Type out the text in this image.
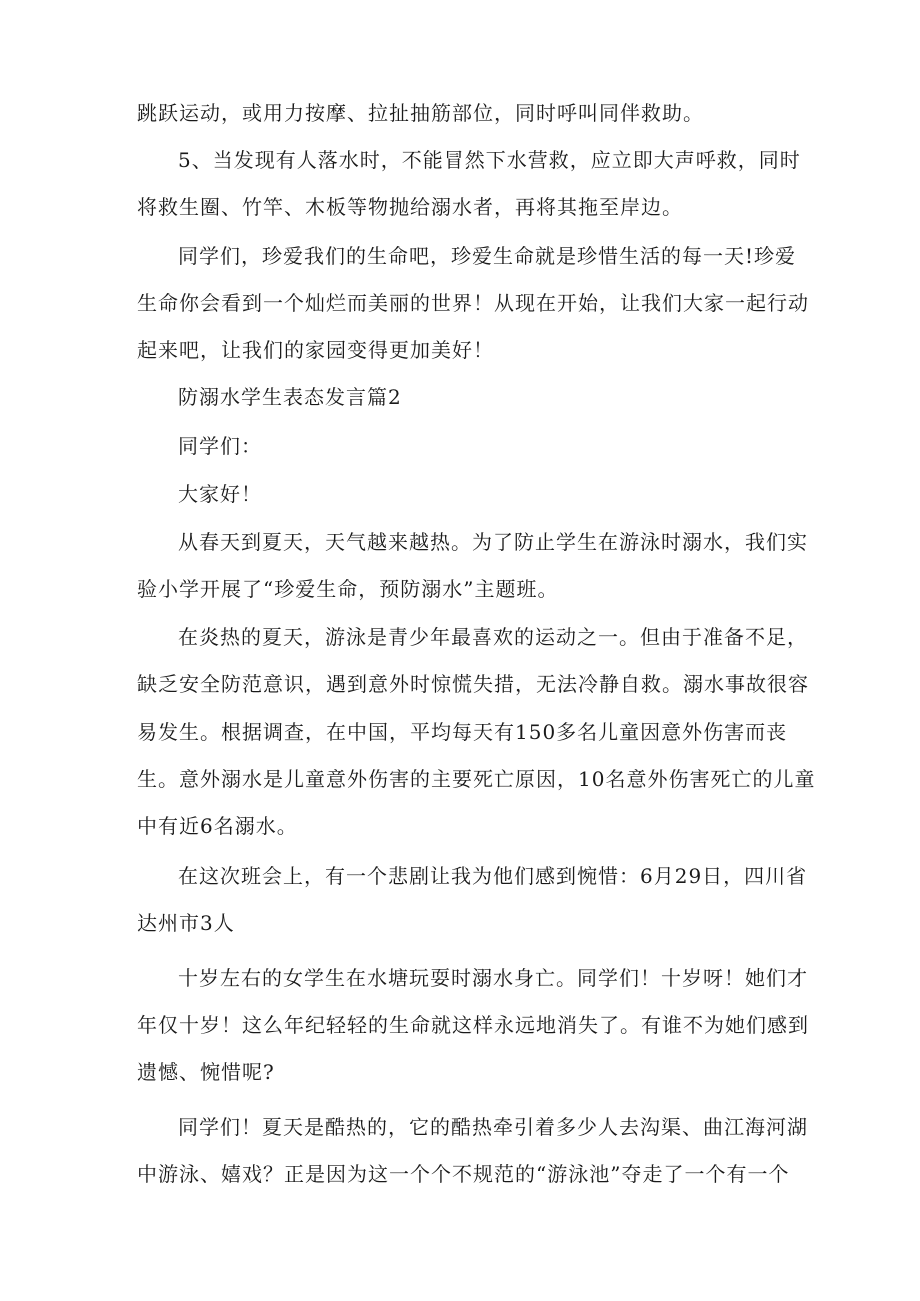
跳跃运动，或用力按摩、拉扯抽筋部位，同时呼叫同伴救助。
5、当发现有人落水时，不能冒然下水营救，应立即大声呼救，同时
将救生圈、竹竿、木板等物抛给溺水者，再将其拖至岸边。
同学们，珍爱我们的生命吧，珍爱生命就是珍惜生活的每一天!珍爱
生命你会看到一个灿烂而美丽的世界！从现在开始，让我们大家一起行动
起来吧，让我们的家园变得更加美好！
防溺水学生表态发言篇2
同学们：
大家好！
从春天到夏天，天气越来越热。为了防止学生在游泳时溺水，我们实
验小学开展了“珍爱生命，预防溺水”主题班。
在炎热的夏天，游泳是青少年最喜欢的运动之一。但由于准备不足，
缺乏安全防范意识，遇到意外时惊慌失措，无法冷静自救。溺水事故很容
易发生。根据调查，在中国，平均每天有150多名儿童因意外伤害而丧
生。意外溺水是儿童意外伤害的主要死亡原因，10名意外伤害死亡的儿童
中有近6名溺水。
在这次班会上，有一个悲剧让我为他们感到惋惜：6月29日，四川省
达州市3人
十岁左右的女学生在水塘玩耍时溺水身亡。同学们！十岁呀！她们才
年仅十岁！这么年纪轻轻的生命就这样永远地消失了。有谁不为她们感到
遗憾、惋惜呢?
同学们！夏天是酷热的，它的酷热牵引着多少人去沟渠、曲江海河湖
中游泳、嬉戏？正是因为这一个个不规范的“游泳池”夺走了一个有一个
